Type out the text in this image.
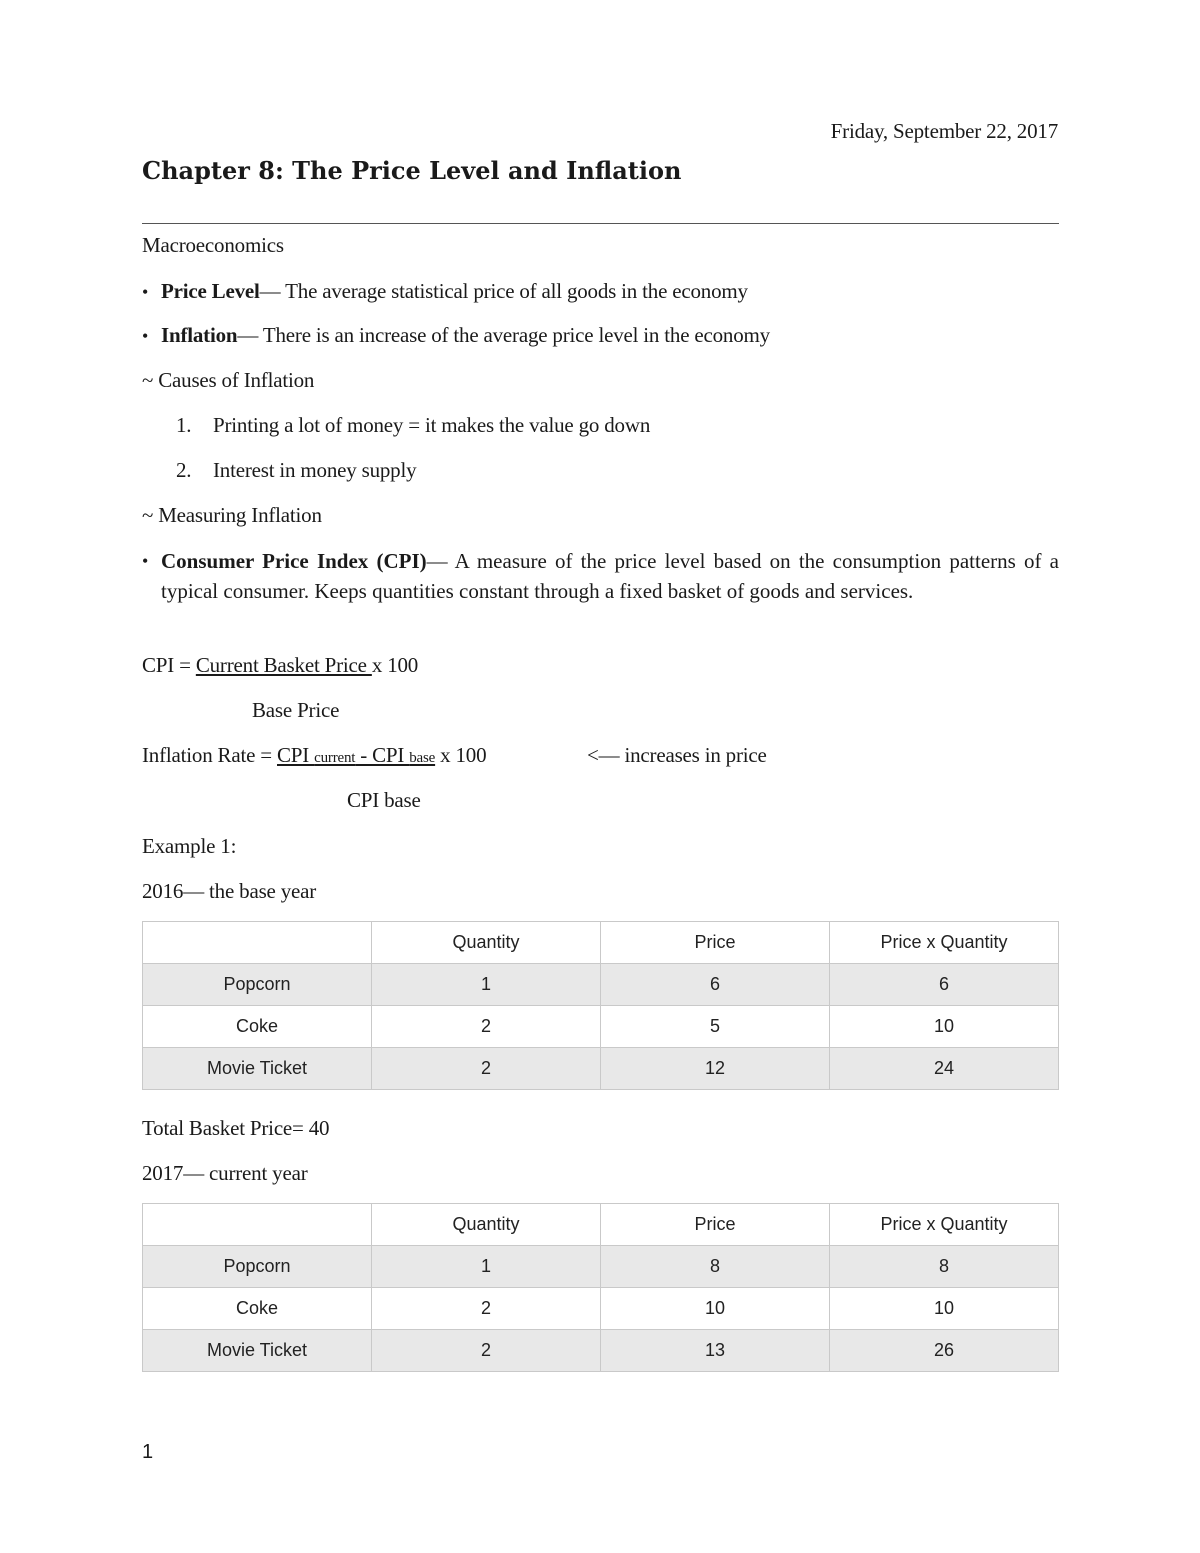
Friday, September 22, 2017
Chapter 8: The Price Level and Inflation
Macroeconomics
• Price Level— The average statistical price of all goods in the economy
• Inflation— There is an increase of the average price level in the economy
~ Causes of Inflation
1. Printing a lot of money = it makes the value go down
2. Interest in money supply
~ Measuring Inflation
• Consumer Price Index (CPI)— A measure of the price level based on the consumption patterns of a typical consumer. Keeps quantities constant through a fixed basket of goods and services.
CPI = Current Basket Price x 100
Base Price
Inflation Rate = CPI current - CPI base x 100	<— increases in price
CPI base
Example 1:
2016— the base year
	Quantity	Price	Price x Quantity
Popcorn	1	6	6
Coke	2	5	10
Movie Ticket	2	12	24
Total Basket Price= 40
2017— current year
	Quantity	Price	Price x Quantity
Popcorn	1	8	8
Coke	2	10	10
Movie Ticket	2	13	26
1
